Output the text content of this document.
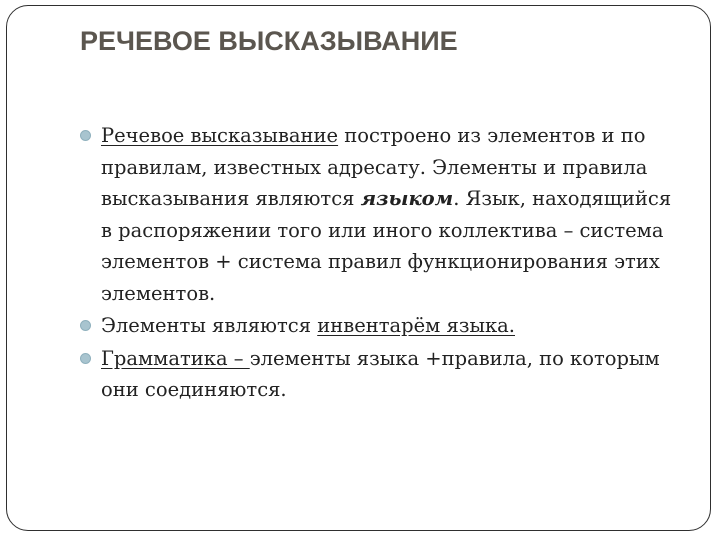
РЕЧЕВОЕ ВЫСКАЗЫВАНИЕ

Речевое высказывание построено из элементов и по правилам, известных адресату. Элементы и правила высказывания являются языком. Язык, находящийся в распоряжении того или иного коллектива – система элементов + система правил функционирования этих элементов.

Элементы являются инвентарём языка.

Грамматика – элементы языка +правила, по которым они соединяются.
